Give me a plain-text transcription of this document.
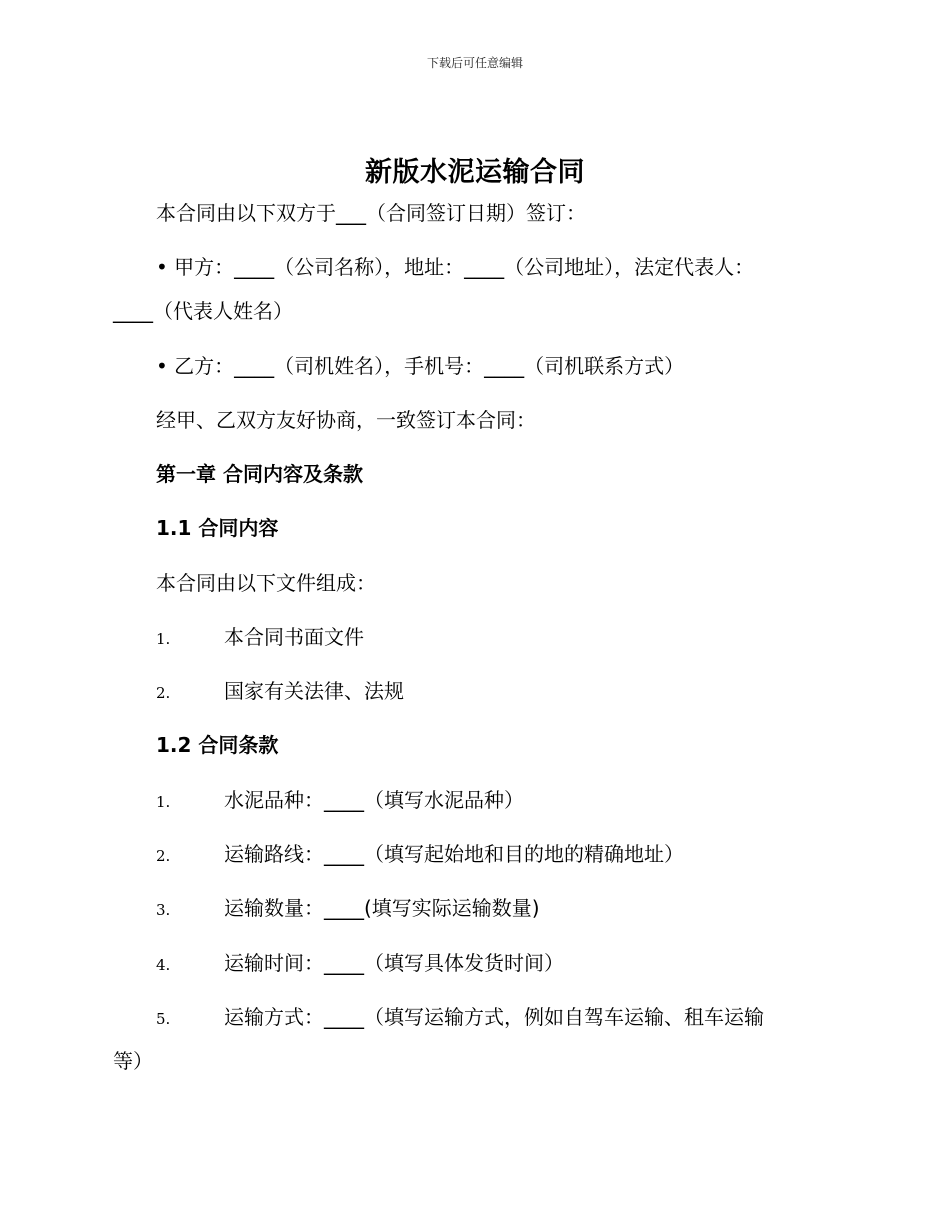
下载后可任意编辑
新版水泥运输合同
本合同由以下双方于___（合同签订日期）签订：
• 甲方：____（公司名称），地址：____（公司地址），法定代表人：
____（代表人姓名）
• 乙方：____（司机姓名），手机号：____（司机联系方式）
经甲、乙双方友好协商，一致签订本合同：
第一章 合同内容及条款
1.1 合同内容
本合同由以下文件组成：
1.	本合同书面文件
2.	国家有关法律、法规
1.2 合同条款
1.	水泥品种：____（填写水泥品种）
2.	运输路线：____（填写起始地和目的地的精确地址）
3.	运输数量：____(填写实际运输数量)
4.	运输时间：____（填写具体发货时间）
5.	运输方式：____（填写运输方式，例如自驾车运输、租车运输
等）
